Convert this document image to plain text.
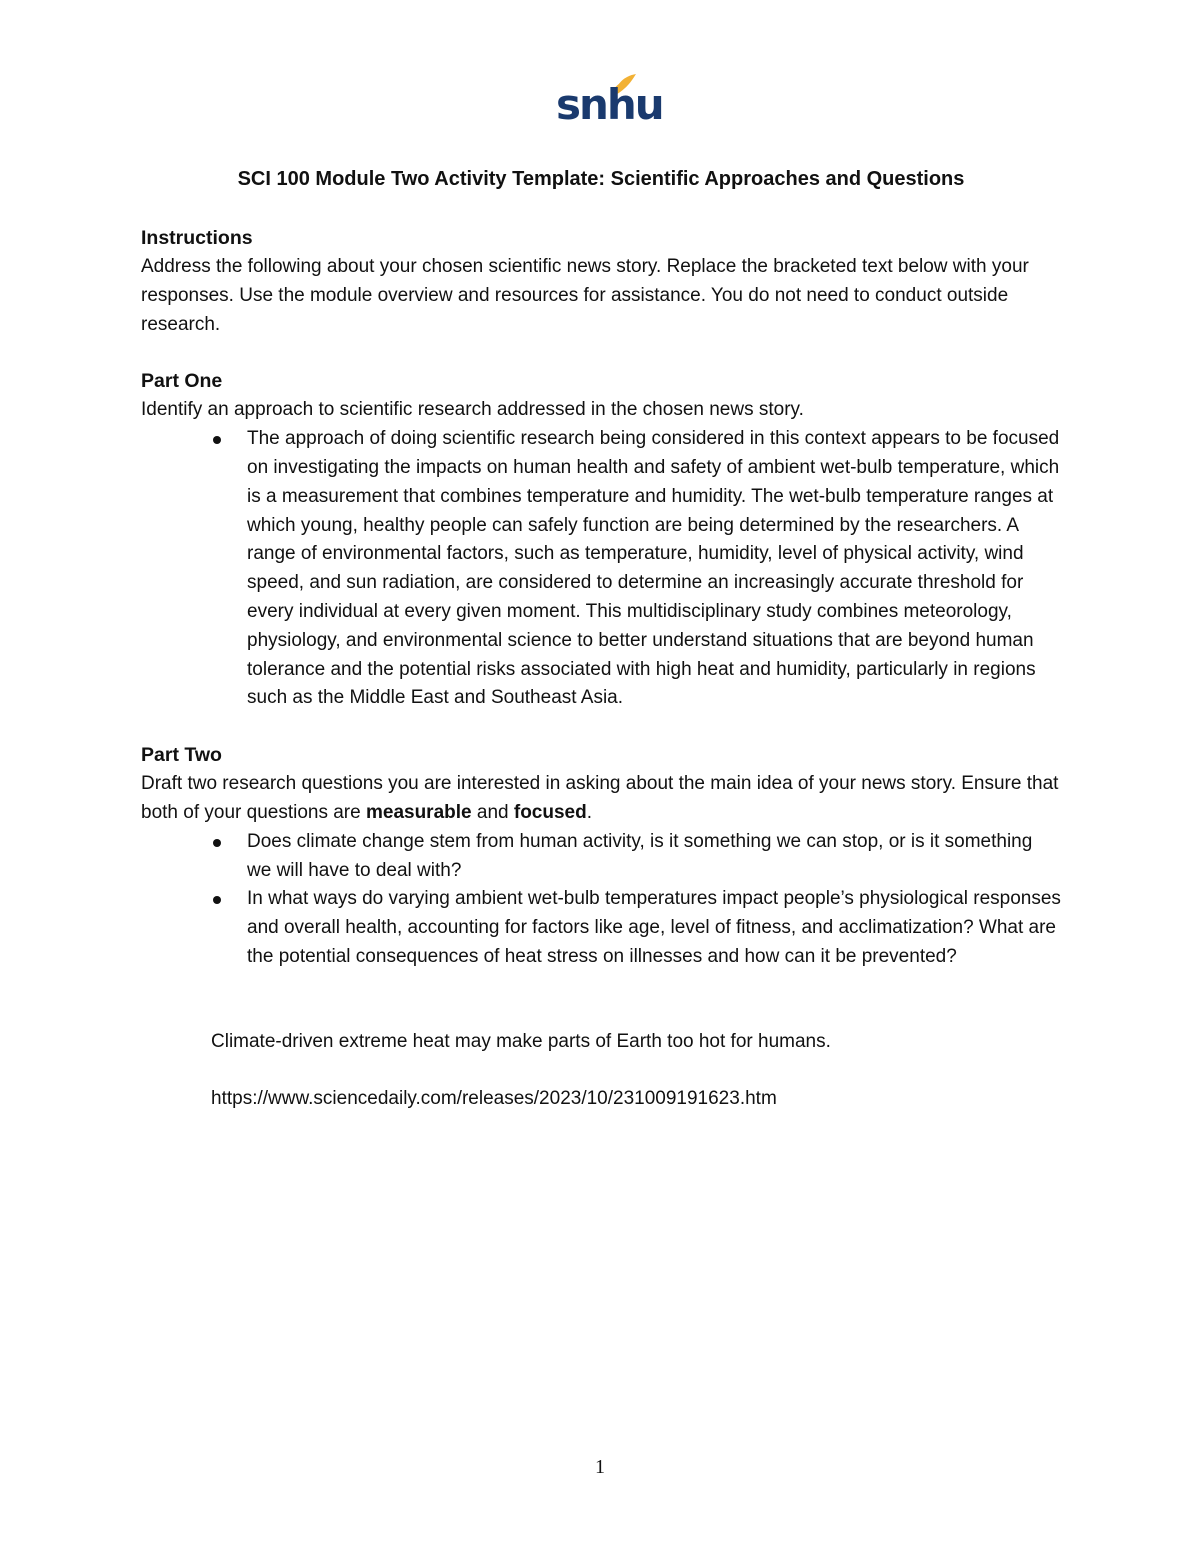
snhu
SCI 100 Module Two Activity Template: Scientific Approaches and Questions
Instructions

Address the following about your chosen scientific news story. Replace the bracketed text below with your responses. Use the module overview and resources for assistance. You do not need to conduct outside research.

Part One

Identify an approach to scientific research addressed in the chosen news story.

The approach of doing scientific research being considered in this context appears to be focused on investigating the impacts on human health and safety of ambient wet-bulb temperature, which is a measurement that combines temperature and humidity. The wet-bulb temperature ranges at which young, healthy people can safely function are being determined by the researchers. A range of environmental factors, such as temperature, humidity, level of physical activity, wind speed, and sun radiation, are considered to determine an increasingly accurate threshold for every individual at every given moment. This multidisciplinary study combines meteorology, physiology, and environmental science to better understand situations that are beyond human tolerance and the potential risks associated with high heat and humidity, particularly in regions such as the Middle East and Southeast Asia.
Part Two

Draft two research questions you are interested in asking about the main idea of your news story. Ensure that both of your questions are measurable and focused.

Does climate change stem from human activity, is it something we can stop, or is it something we will have to deal with?
In what ways do varying ambient wet-bulb temperatures impact people’s physiological responses and overall health, accounting for factors like age, level of fitness, and acclimatization? What are the potential consequences of heat stress on illnesses and how can it be prevented?

Climate-driven extreme heat may make parts of Earth too hot for humans.

https://www.sciencedaily.com/releases/2023/10/231009191623.htm

1
